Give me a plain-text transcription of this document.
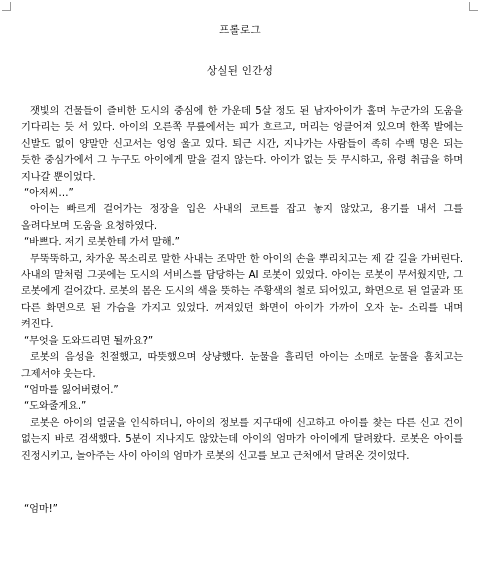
프롤로그
상실된 인간성

잿빛의 건물들이 즐비한 도시의 중심에 한 가운데 5살 정도 된 남자아이가 홀며 누군가의 도움을 기다리는 듯 서 있다. 아이의 오른쪽 무릎에서는 피가 흐르고, 머리는 엉클어져 있으며 한쪽 발에는 신발도 없이 양말만 신고서는 엉엉 울고 있다. 퇴근 시간, 지나가는 사람들이 족히 수백 명은 되는 듯한 중심가에서 그 누구도 아이에게 말을 걸지 않는다. 아이가 없는 듯 무시하고, 유령 취급을 하며 지나갈 뿐이었다.

“아저씨…”

아이는 빠르게 걸어가는 정장을 입은 사내의 코트를 잡고 놓지 않았고, 용기를 내서 그를 올려다보며 도움을 요청하였다.

“바쁘다. 저기 로봇한테 가서 말해.”

무뚝뚝하고, 차가운 목소리로 말한 사내는 조막만 한 아이의 손을 뿌리치고는 제 갈 길을 가버린다. 사내의 말처럼 그곳에는 도시의 서비스를 담당하는 AI 로봇이 있었다. 아이는 로봇이 무서웠지만, 그 로봇에게 걸어갔다. 로봇의 몸은 도시의 색을 뜻하는 주황색의 철로 되어있고, 화면으로 된 얼굴과 또 다른 화면으로 된 가슴을 가지고 있었다. 꺼져있던 화면이 아이가 가까이 오자 눈- 소리를 내며 켜진다.

“무엇을 도와드리면 될까요?”

로봇의 음성을 친절했고, 따뜻했으며 상냥했다. 눈물을 흘리던 아이는 소매로 눈물을 훔치고는 그제서야 웃는다.

“엄마를 잃어버렸어.”

“도와줄게요.”

로봇은 아이의 얼굴을 인식하더니, 아이의 정보를 지구대에 신고하고 아이를 찾는 다른 신고 건이 없는지 바로 검색했다. 5분이 지나지도 않았는데 아이의 엄마가 아이에게 달려왔다. 로봇은 아이를 진정시키고, 놀아주는 사이 아이의 엄마가 로봇의 신고를 보고 근처에서 달려온 것이었다.

“엄마!”
